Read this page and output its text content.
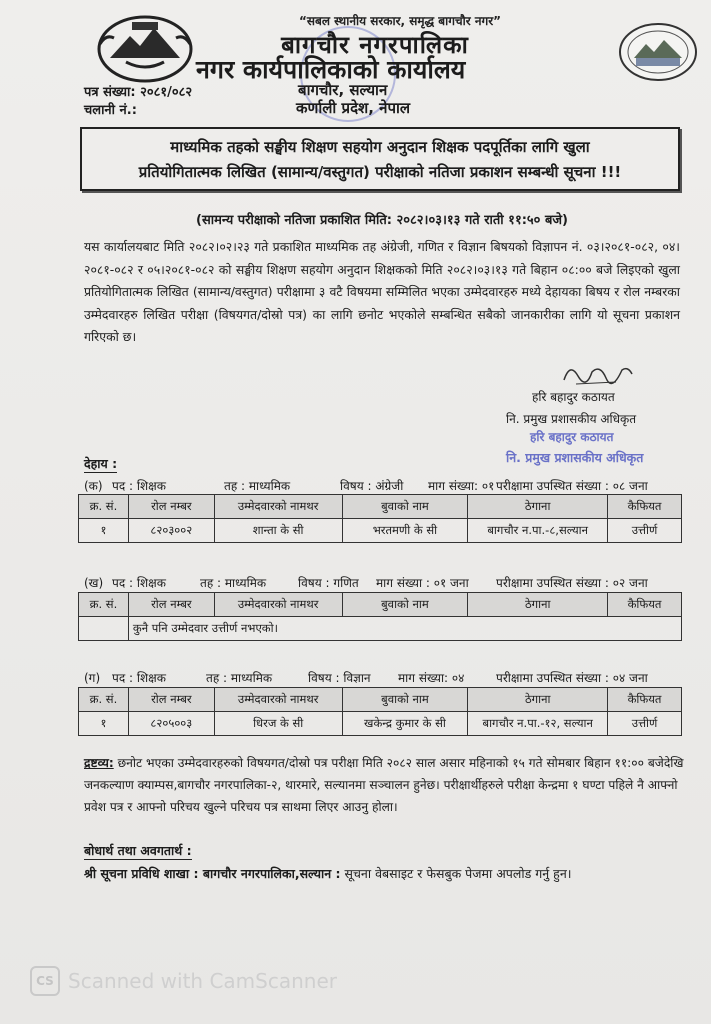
“सबल स्थानीय सरकार, समृद्ध बागचौर नगर”
बागचौर नगरपालिका
नगर कार्यपालिकाको कार्यालय
बागचौर, सल्यान
कर्णाली प्रदेश, नेपाल
पत्र संख्या: २०८१/०८२
चलानी नं.:
माध्यमिक तहको सङ्घीय शिक्षण सहयोग अनुदान शिक्षक पदपूर्तिका लागि खुला
प्रतियोगितात्मक लिखित (सामान्य/वस्तुगत) परीक्षाको नतिजा प्रकाशन सम्बन्धी सूचना !!!
(सामन्य परीक्षाको नतिजा प्रकाशित मिति: २०८२।०३।१३ गते राती ११:५० बजे)
यस कार्यालयबाट मिति २०८२।०२।२३ गते प्रकाशित माध्यमिक तह अंग्रेजी, गणित र विज्ञान बिषयको विज्ञापन नं. ०३।२०८१-०८२, ०४।२०८१-०८२ र ०५।२०८१-०८२ को सङ्घीय शिक्षण सहयोग अनुदान शिक्षकको मिति २०८२।०३।१३ गते बिहान ०८:०० बजे लिइएको खुला प्रतियोगितात्मक लिखित (सामान्य/वस्तुगत) परीक्षामा ३ वटै विषयमा सम्मिलित भएका उम्मेदवारहरु मध्ये देहायका बिषय र रोल नम्बरका उम्मेदवारहरु लिखित परीक्षा (विषयगत/दोस्रो पत्र) का लागि छनोट भएकोले सम्बन्धित सबैको जानकारीका लागि यो सूचना प्रकाशन गरिएको छ।
हरि बहादुर कठायत
नि. प्रमुख प्रशासकीय अधिकृत
हरि बहादुर कठायत
नि. प्रमुख प्रशासकीय अधिकृत
देहाय :
(क) पद : शिक्षक	तह : माध्यमिक	विषय : अंग्रेजी माग संख्या: ०१ परीक्षामा उपस्थित संख्या : ०८ जना
क्र. सं.	रोल नम्बर	उम्मेदवारको नामथर	बुवाको नाम	ठेगाना	कैफियत
१	८२०३००२	शान्ता के सी	भरतमणी के सी	बागचौर न.पा.-८,सल्यान	उत्तीर्ण
(ख) पद : शिक्षक	तह : माध्यमिक	विषय : गणित माग संख्या : ०१ जना परीक्षामा उपस्थित संख्या : ०२ जना
क्र. सं.	रोल नम्बर	उम्मेदवारको नामथर	बुवाको नाम	ठेगाना	कैफियत
	कुनै पनि उम्मेदवार उत्तीर्ण नभएको।				
(ग) पद : शिक्षक	तह : माध्यमिक	विषय : विज्ञान माग संख्या: ०४	परीक्षामा उपस्थित संख्या : ०४ जना
क्र. सं.	रोल नम्बर	उम्मेदवारको नामथर	बुवाको नाम	ठेगाना	कैफियत
१	८२०५००३	धिरज के सी	खकेन्द्र कुमार के सी	बागचौर न.पा.-१२, सल्यान	उत्तीर्ण
द्रष्टव्य: छनोट भएका उम्मेदवारहरुको विषयगत/दोस्रो पत्र परीक्षा मिति २०८२ साल असार महिनाको १५ गते सोमबार बिहान ११:०० बजेदेखि जनकल्याण क्याम्पस,बागचौर नगरपालिका-२, थारमारे, सल्यानमा सञ्चालन हुनेछ। परीक्षार्थीहरुले परीक्षा केन्द्रमा १ घण्टा पहिले नै आफ्नो प्रवेश पत्र र आफ्नो परिचय खुल्ने परिचय पत्र साथमा लिएर आउनु होला।
बोधार्थ तथा अवगतार्थ :
श्री सूचना प्रविधि शाखा : बागचौर नगरपालिका,सल्यान : सूचना वेबसाइट र फेसबुक पेजमा अपलोड गर्नु हुन।
CS Scanned with CamScanner
